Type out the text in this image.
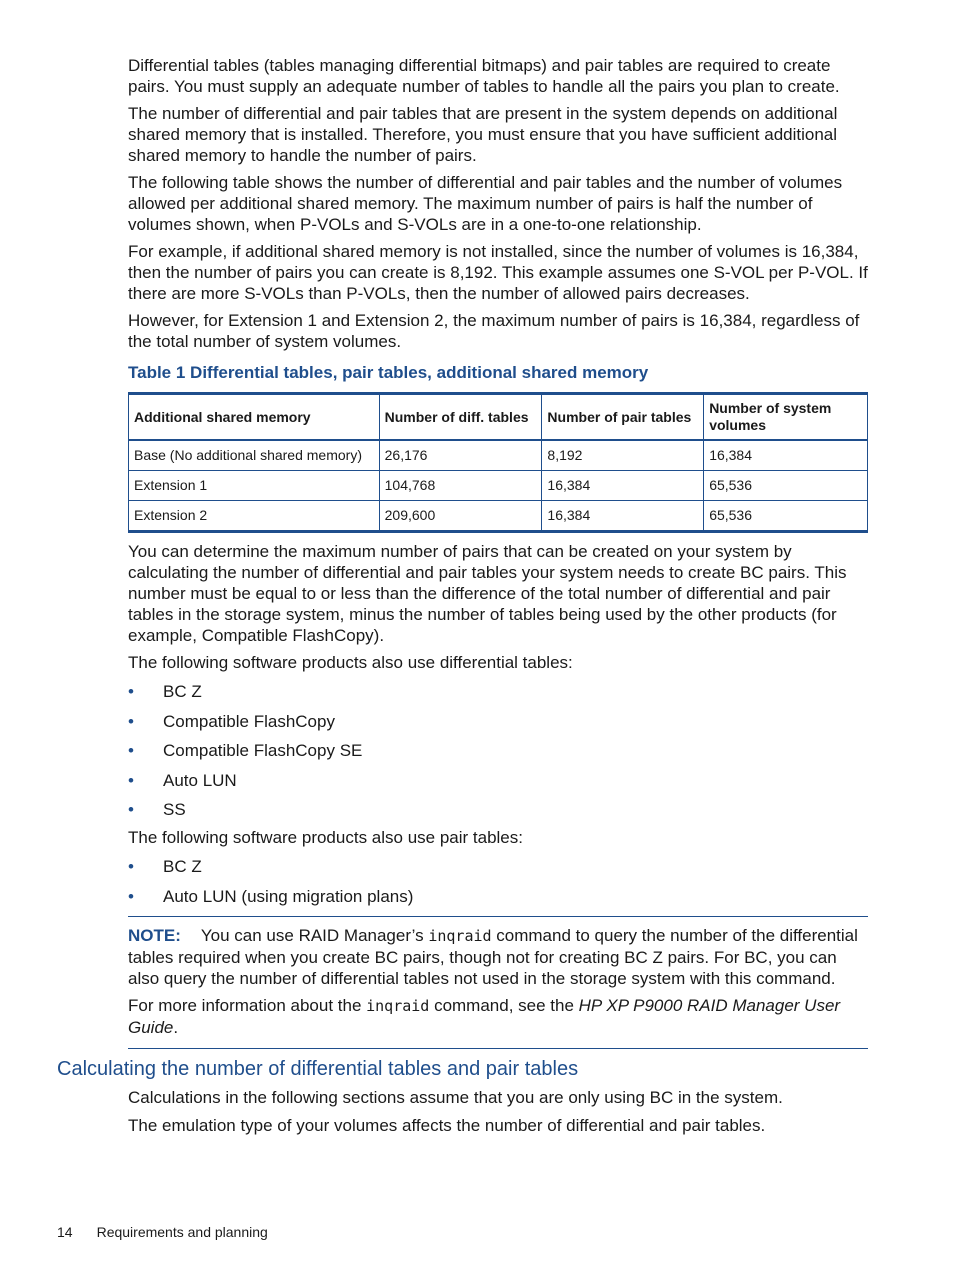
Differential tables (tables managing differential bitmaps) and pair tables are required to create pairs. You must supply an adequate number of tables to handle all the pairs you plan to create.

The number of differential and pair tables that are present in the system depends on additional shared memory that is installed. Therefore, you must ensure that you have sufficient additional shared memory to handle the number of pairs.

The following table shows the number of differential and pair tables and the number of volumes allowed per additional shared memory. The maximum number of pairs is half the number of volumes shown, when P-VOLs and S-VOLs are in a one-to-one relationship.

For example, if additional shared memory is not installed, since the number of volumes is 16,384, then the number of pairs you can create is 8,192. This example assumes one S-VOL per P-VOL. If there are more S-VOLs than P-VOLs, then the number of allowed pairs decreases.

However, for Extension 1 and Extension 2, the maximum number of pairs is 16,384, regardless of the total number of system volumes.

Table 1 Differential tables, pair tables, additional shared memory
Additional shared memory	Number of diff. tables	Number of pair tables	Number of system volumes
Base (No additional shared memory)	26,176	8,192	16,384
Extension 1	104,768	16,384	65,536
Extension 2	209,600	16,384	65,536

You can determine the maximum number of pairs that can be created on your system by calculating the number of differential and pair tables your system needs to create BC pairs. This number must be equal to or less than the difference of the total number of differential and pair tables in the storage system, minus the number of tables being used by the other products (for example, Compatible FlashCopy).

The following software products also use differential tables:

• BC Z
• Compatible FlashCopy
• Compatible FlashCopy SE
• Auto LUN
• SS

The following software products also use pair tables:

• BC Z
• Auto LUN (using migration plans)

NOTE: You can use RAID Manager’s inqraid command to query the number of the differential tables required when you create BC pairs, though not for creating BC Z pairs. For BC, you can also query the number of differential tables not used in the storage system with this command.

For more information about the inqraid command, see the HP XP P9000 RAID Manager User Guide.

Calculating the number of differential tables and pair tables

Calculations in the following sections assume that you are only using BC in the system.

The emulation type of your volumes affects the number of differential and pair tables.

14 Requirements and planning
